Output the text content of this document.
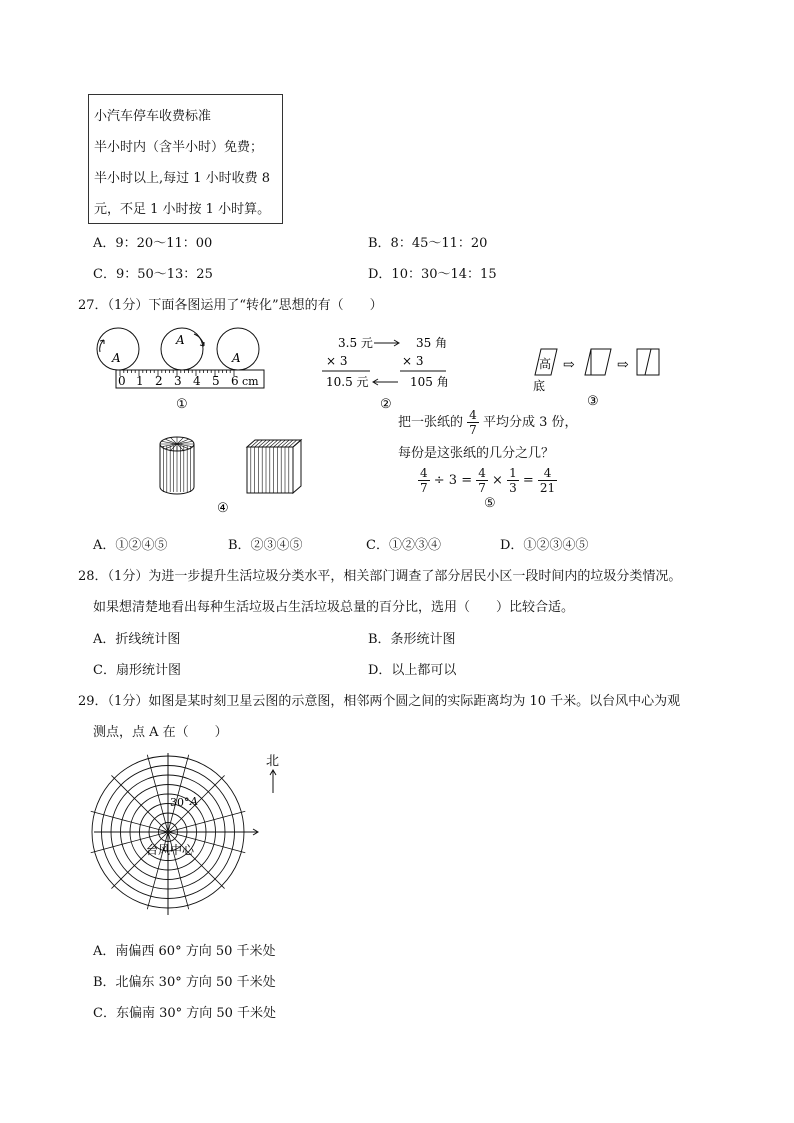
小汽车停车收费标准
半小时内（含半小时）免费；
半小时以上,每过 1 小时收费 8
元，不足 1 小时按 1 小时算。
A．9：20～11：00	B．8：45～11：20
C．9：50～13：25	D．10：30～14：15
27．（1分）下面各图运用了“转化”思想的有（　　）
A
A
A
0 1 2 3 4 5 6 cm
①
3.5 元	35 角
× 3	× 3
10.5 元	105 角
②
高
底
⇨	⇨
③
④
把一张纸的 $\frac{4}{7}$ 平均分成 3 份，
每份是这张纸的几分之几？
$\frac{4}{7} \div 3 = \frac{4}{7} \times \frac{1}{3} = \frac{4}{21}$
⑤
A．①②④⑤	B．②③④⑤	C．①②③④	D．①②③④⑤
28．（1分）为进一步提升生活垃圾分类水平，相关部门调查了部分居民小区一段时间内的垃圾分类情况。
如果想清楚地看出每种生活垃圾占生活垃圾总量的百分比，选用（　　）比较合适。
A．折线统计图	B．条形统计图
C．扇形统计图	D．以上都可以
29．（1分）如图是某时刻卫星云图的示意图，相邻两个圆之间的实际距离均为 10 千米。以台风中心为观
测点，点 A 在（　　）
北
30° A
台风中心
A．南偏西 60° 方向 50 千米处
B．北偏东 30° 方向 50 千米处
C．东偏南 30° 方向 50 千米处
